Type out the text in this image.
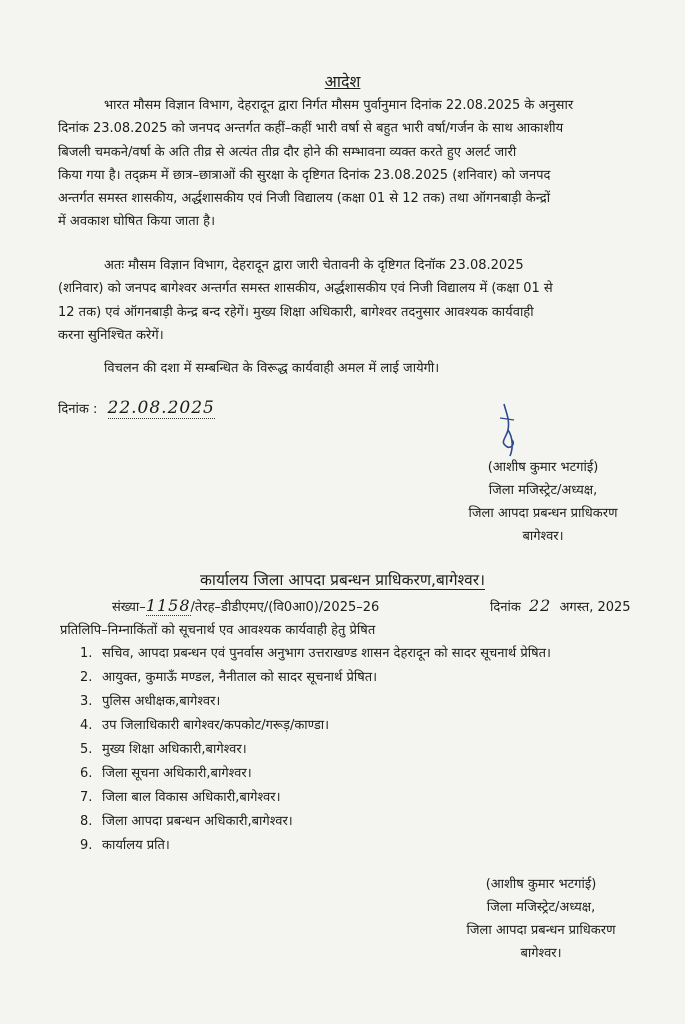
आदेश
भारत मौसम विज्ञान विभाग, देहरादून द्वारा निर्गत मौसम पुर्वानुमान दिनांक 22.08.2025 के अनुसार
दिनांक 23.08.2025 को जनपद अन्तर्गत कहीं–कहीं भारी वर्षा से बहुत भारी वर्षा/गर्जन के साथ आकाशीय
बिजली चमकने/वर्षा के अति तीव्र से अत्यंत तीव्र दौर होने की सम्भावना व्यक्त करते हुए अलर्ट जारी
किया गया है। तद्क्रम में छात्र–छात्राओं की सुरक्षा के दृष्टिगत दिनांक 23.08.2025 (शनिवार) को जनपद
अन्तर्गत समस्त शासकीय, अर्द्धशासकीय एवं निजी विद्यालय (कक्षा 01 से 12 तक) तथा ऑगनबाड़ी केन्द्रों
में अवकाश घोषित किया जाता है।
अतः मौसम विज्ञान विभाग, देहरादून द्वारा जारी चेतावनी के दृष्टिगत दिनॉक 23.08.2025
(शनिवार) को जनपद बागेश्वर अन्तर्गत समस्त शासकीय, अर्द्धशासकीय एवं निजी विद्यालय में (कक्षा 01 से
12 तक) एवं ऑगनबाड़ी केन्द्र बन्द रहेगें। मुख्य शिक्षा अधिकारी, बागेश्वर तदनुसार आवश्यक कार्यवाही
करना सुनिश्चित करेगें।
विचलन की दशा में सम्बन्धित के विरूद्ध कार्यवाही अमल में लाई जायेगी।
दिनांक : 22.08.2025
(आशीष कुमार भटगांई)
जिला मजिस्ट्रेट/अध्यक्ष,
जिला आपदा प्रबन्धन प्राधिकरण
बागेश्वर।
कार्यालय जिला आपदा प्रबन्धन प्राधिकरण,बागेश्वर।
संख्या–1158/तेरह–डीडीएमए/(वि0आ0)/2025–26	दिनांक 22 अगस्त, 2025
प्रतिलिपि–निम्नाकिंतों को सूचनार्थ एव आवश्यक कार्यवाही हेतु प्रेषित
1. सचिव, आपदा प्रबन्धन एवं पुनर्वास अनुभाग उत्तराखण्ड शासन देहरादून को सादर सूचनार्थ प्रेषित।
2. आयुक्त, कुमाऊँ मण्डल, नैनीताल को सादर सूचनार्थ प्रेषित।
3. पुलिस अधीक्षक,बागेश्वर।
4. उप जिलाधिकारी बागेश्वर/कपकोट/गरूड़/काण्डा।
5. मुख्य शिक्षा अधिकारी,बागेश्वर।
6. जिला सूचना अधिकारी,बागेश्वर।
7. जिला बाल विकास अधिकारी,बागेश्वर।
8. जिला आपदा प्रबन्धन अधिकारी,बागेश्वर।
9. कार्यालय प्रति।
(आशीष कुमार भटगांई)
जिला मजिस्ट्रेट/अध्यक्ष,
जिला आपदा प्रबन्धन प्राधिकरण
बागेश्वर।
